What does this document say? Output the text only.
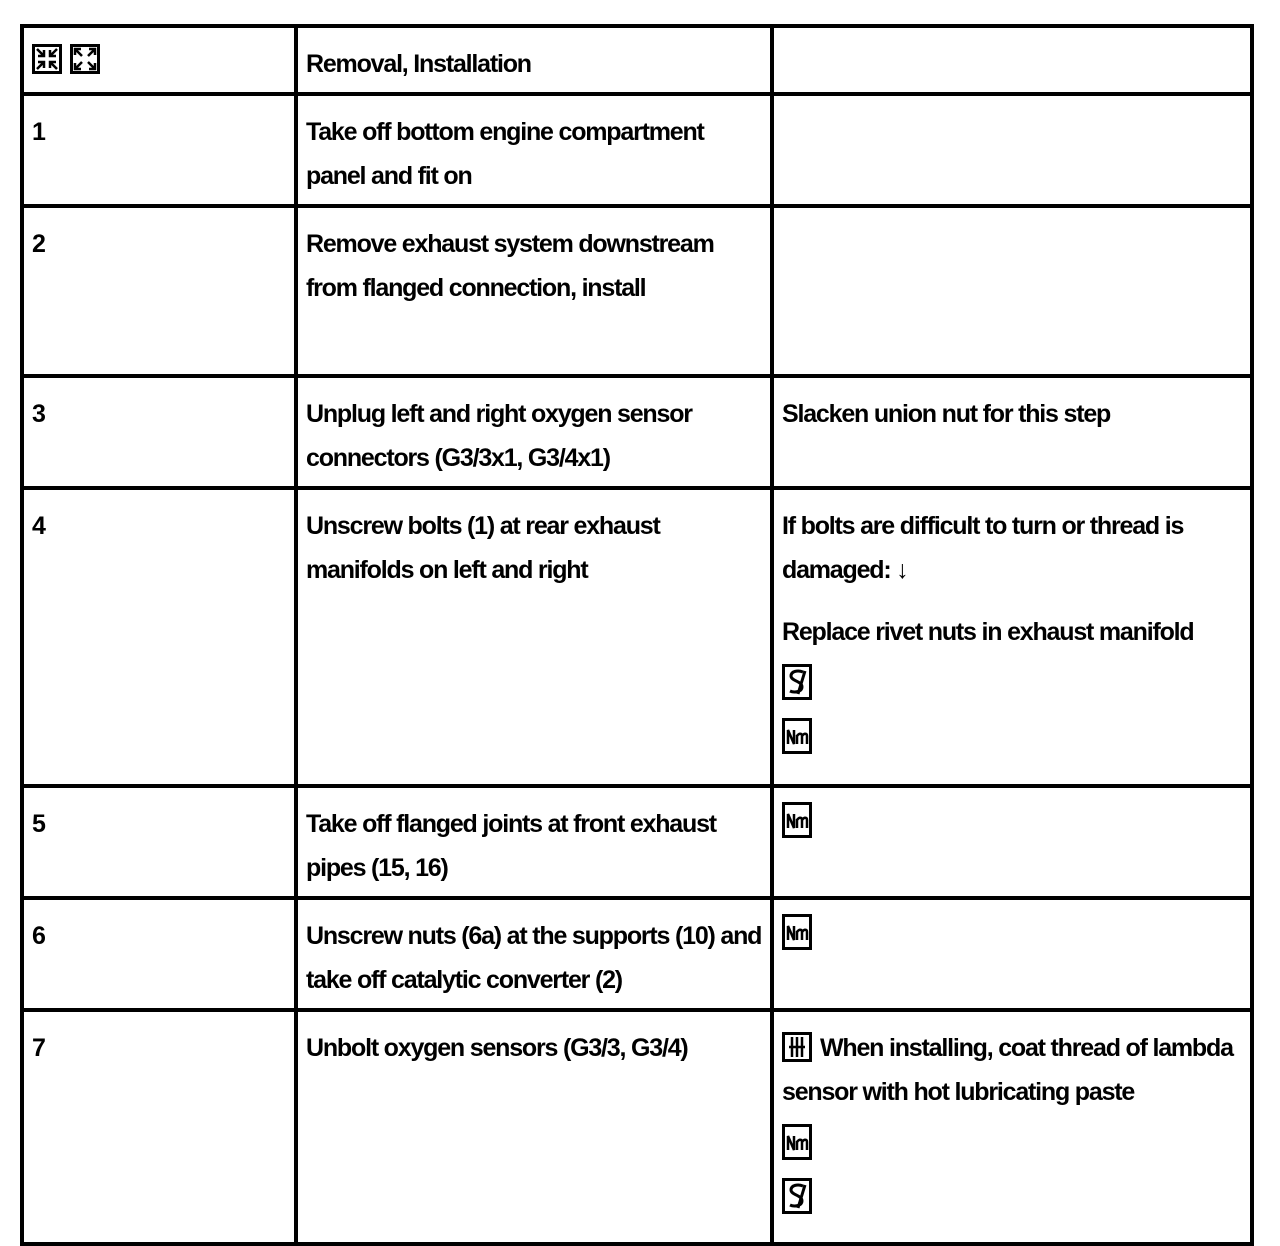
Removal, Installation	

1	Take off bottom engine compartment panel and fit on	

2	Remove exhaust system downstream from flanged connection, install	

3	Unplug left and right oxygen sensor connectors (G3/3x1, G3/4x1)	Slacken union nut for this step

4	Unscrew bolts (1) at rear exhaust manifolds on left and right	If bolts are difficult to turn or thread is damaged: ↓
Replace rivet nuts in exhaust manifold

5	Take off flanged joints at front exhaust pipes (15, 16)

6	Unscrew nuts (6a) at the supports (10) and take off catalytic converter (2)

7	Unbolt oxygen sensors (G3/3, G3/4)	When installing, coat thread of lambda sensor with hot lubricating paste
